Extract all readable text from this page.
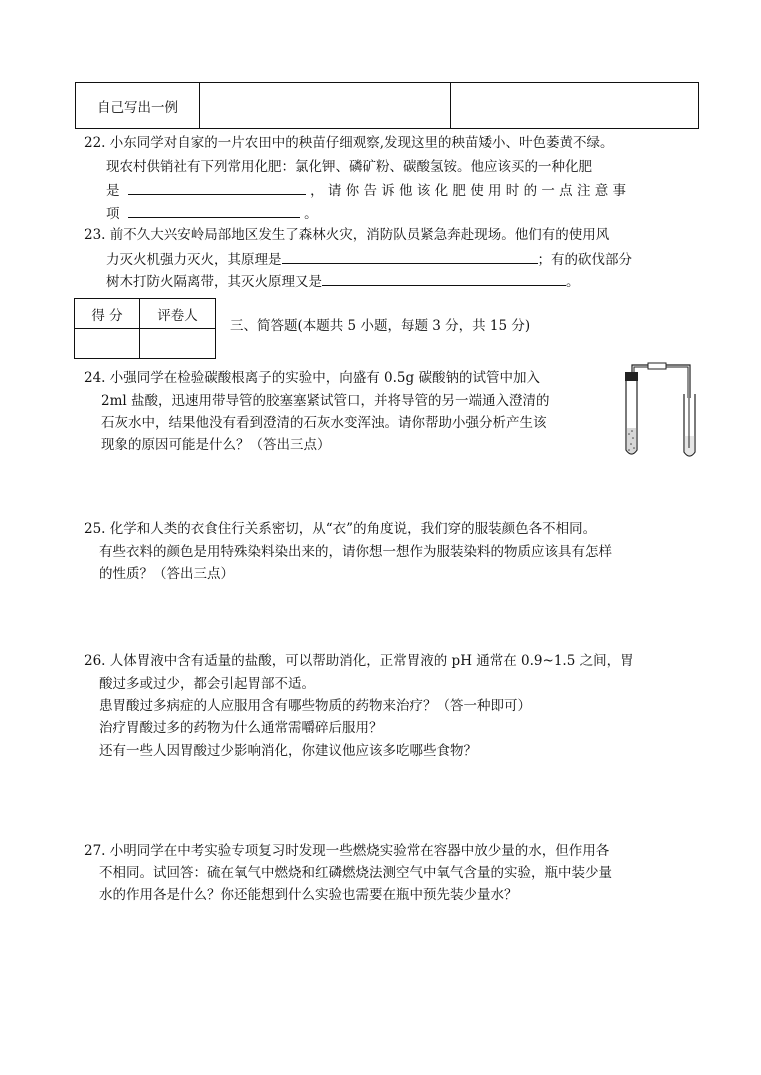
自己写出一例		
22. 小东同学对自家的一片农田中的秧苗仔细观察,发现这里的秧苗矮小、叶色萎黄不绿。
现农村供销社有下列常用化肥：氯化钾、磷矿粉、碳酸氢铵。他应该买的一种化肥
是	， 请 你 告 诉 他 该 化 肥 使 用 时 的 一 点 注 意 事
项	。
23. 前不久大兴安岭局部地区发生了森林火灾，消防队员紧急奔赴现场。他们有的使用风
力灭火机强力灭火，其原理是	；有的砍伐部分
树木打防火隔离带，其灭火原理又是	。
得 分	评卷人

三、简答题(本题共 5 小题，每题 3 分，共 15 分)
24. 小强同学在检验碳酸根离子的实验中，向盛有 0.5g 碳酸钠的试管中加入
2ml 盐酸，迅速用带导管的胶塞塞紧试管口，并将导管的另一端通入澄清的
石灰水中，结果他没有看到澄清的石灰水变浑浊。请你帮助小强分析产生该
现象的原因可能是什么？（答出三点）
25. 化学和人类的衣食住行关系密切，从“衣”的角度说，我们穿的服装颜色各不相同。
有些衣料的颜色是用特殊染料染出来的，请你想一想作为服装染料的物质应该具有怎样
的性质？（答出三点）
26. 人体胃液中含有适量的盐酸，可以帮助消化，正常胃液的 pH 通常在 0.9~1.5 之间，胃
酸过多或过少，都会引起胃部不适。
患胃酸过多病症的人应服用含有哪些物质的药物来治疗？（答一种即可）
治疗胃酸过多的药物为什么通常需嚼碎后服用？
还有一些人因胃酸过少影响消化，你建议他应该多吃哪些食物？
27. 小明同学在中考实验专项复习时发现一些燃烧实验常在容器中放少量的水，但作用各
不相同。试回答：硫在氧气中燃烧和红磷燃烧法测空气中氧气含量的实验，瓶中装少量
水的作用各是什么？你还能想到什么实验也需要在瓶中预先装少量水？
